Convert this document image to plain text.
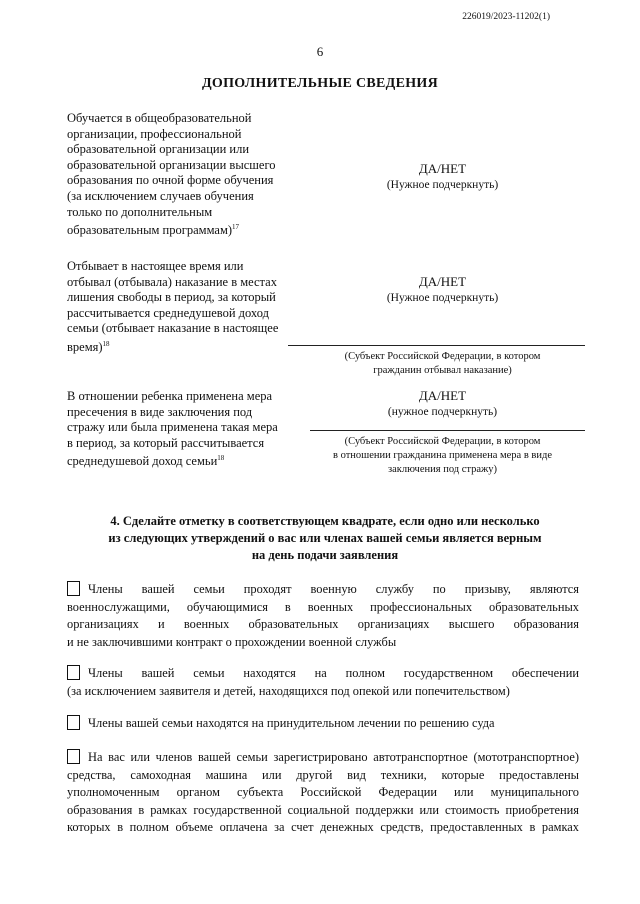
226019/2023-11202(1)
6
ДОПОЛНИТЕЛЬНЫЕ СВЕДЕНИЯ
Обучается в общеобразовательной
организации, профессиональной
образовательной организации или
образовательной организации высшего
образования по очной форме обучения
(за исключением случаев обучения
только по дополнительным
образовательным программам)$^{17}$
ДА/НЕТ
(Нужное подчеркнуть)
Отбывает в настоящее время или
отбывал (отбывала) наказание в местах
лишения свободы в период, за который
рассчитывается среднедушевой доход
семьи (отбывает наказание в настоящее
время)$^{18}$
ДА/НЕТ
(Нужное подчеркнуть)
(Субъект Российской Федерации, в котором
гражданин отбывал наказание)
В отношении ребенка применена мера
пресечения в виде заключения под
стражу или была применена такая мера
в период, за который рассчитывается
среднедушевой доход семьи$^{18}$
ДА/НЕТ
(нужное подчеркнуть)
(Субъект Российской Федерации, в котором
в отношении гражданина применена мера в виде
заключения под стражу)
4. Сделайте отметку в соответствующем квадрате, если одно или несколько
из следующих утверждений о вас или членах вашей семьи является верным
на день подачи заявления
Члены вашей семьи проходят военную службу по призыву, являются
военнослужащими, обучающимися в военных профессиональных образовательных
организациях и военных образовательных организациях высшего образования
и не заключившими контракт о прохождении военной службы
Члены вашей семьи находятся на полном государственном обеспечении
(за исключением заявителя и детей, находящихся под опекой или попечительством)
Члены вашей семьи находятся на принудительном лечении по решению суда
На вас или членов вашей семьи зарегистрировано автотранспортное (мототранспортное)
средства, самоходная машина или другой вид техники, которые предоставлены
уполномоченным органом субъекта Российской Федерации или муниципального
образования в рамках государственной социальной поддержки или стоимость приобретения
которых в полном объеме оплачена за счет денежных средств, предоставленных в рамках
